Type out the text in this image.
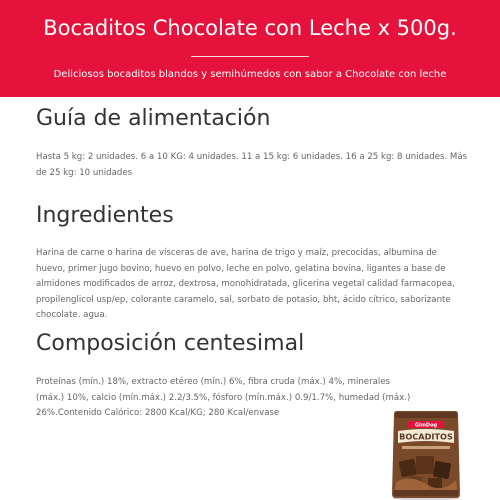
Bocaditos Chocolate con Leche x 500g.
Deliciosos bocaditos blandos y semihúmedos con sabor a Chocolate con leche
Guía de alimentación

Hasta 5 kg: 2 unidades. 6 a 10 KG: 4 unidades. 11 a 15 kg: 6 unidades. 16 a 25 kg: 8 unidades. Más de 25 kg: 10 unidades

Ingredientes

Harina de carne o harina de vísceras de ave, harina de trigo y maíz, precocidas, albumina de huevo, primer jugo bovino, huevo en polvo, leche en polvo, gelatina bovina, ligantes a base de almidones modificados de arroz, dextrosa, monohidratada, glicerina vegetal calidad farmacopea, propilenglicol usp/ep, colorante caramelo, sal, sorbato de potasio, bht, ácido cítrico, saborizante chocolate. agua.

Composición centesimal

Proteínas (mín.) 18%, extracto etéreo (mín.) 6%, fibra cruda (máx.) 4%, minerales (máx.) 10%, calcio (mín.máx.) 2.2/3.5%, fósforo (mín.máx.) 0.9/1.7%, humedad (máx.) 26%.Contenido Calórico: 2800 Kcal/KG; 280 Kcal/envase

GimDog
BOCADITOS
